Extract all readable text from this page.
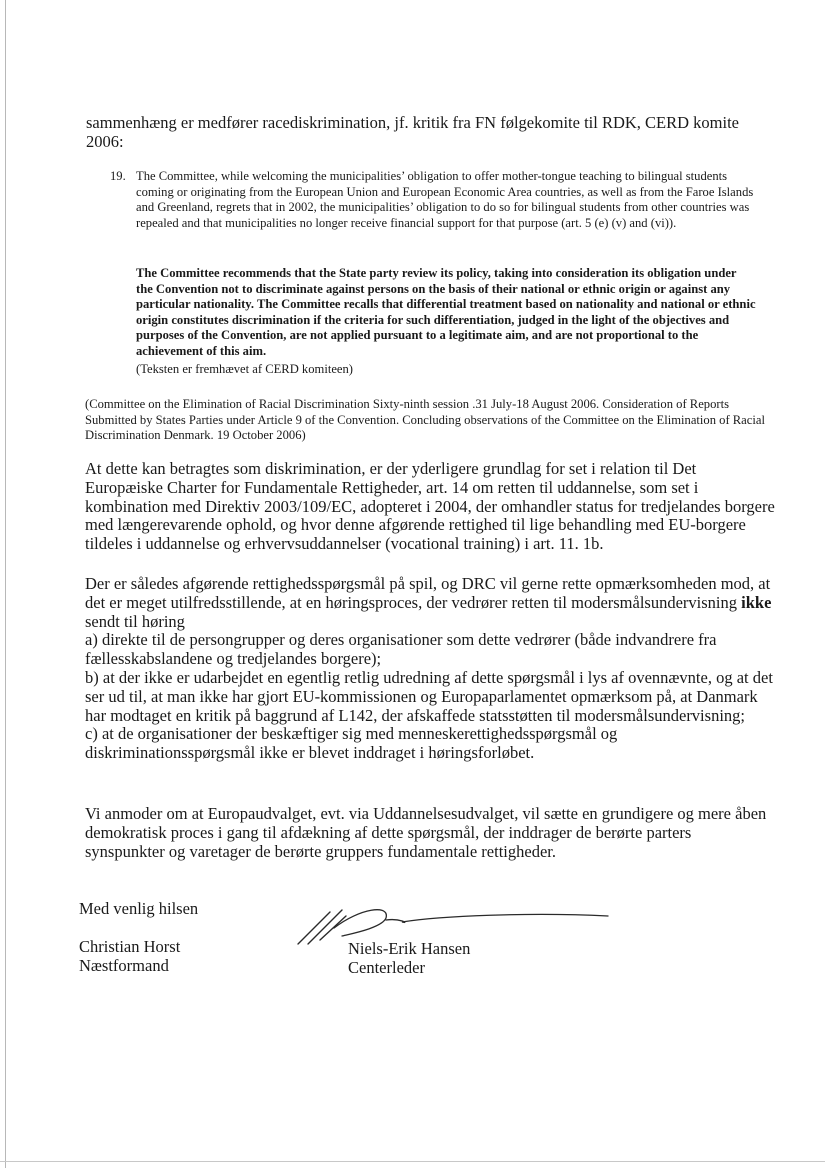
sammenhæng er medfører racediskrimination, jf. kritik fra FN følgekomite til RDK, CERD komite 2006:

19. The Committee, while welcoming the municipalities’ obligation to offer mother-tongue teaching to bilingual students coming or originating from the European Union and European Economic Area countries, as well as from the Faroe Islands and Greenland, regrets that in 2002, the municipalities’ obligation to do so for bilingual students from other countries was repealed and that municipalities no longer receive financial support for that purpose (art. 5 (e) (v) and (vi)).

The Committee recommends that the State party review its policy, taking into consideration its obligation under the Convention not to discriminate against persons on the basis of their national or ethnic origin or against any particular nationality. The Committee recalls that differential treatment based on nationality and national or ethnic origin constitutes discrimination if the criteria for such differentiation, judged in the light of the objectives and purposes of the Convention, are not applied pursuant to a legitimate aim, and are not proportional to the achievement of this aim.

(Teksten er fremhævet af CERD komiteen)

(Committee on the Elimination of Racial Discrimination Sixty-ninth session .31 July-18 August 2006. Consideration of Reports Submitted by States Parties under Article 9 of the Convention. Concluding observations of the Committee on the Elimination of Racial Discrimination Denmark. 19 October 2006)

At dette kan betragtes som diskrimination, er der yderligere grundlag for set i relation til Det Europæiske Charter for Fundamentale Rettigheder, art. 14 om retten til uddannelse, som set i kombination med Direktiv 2003/109/EC, adopteret i 2004, der omhandler status for tredjelandes borgere med længerevarende ophold, og hvor denne afgørende rettighed til lige behandling med EU-borgere tildeles i uddannelse og erhvervsuddannelser (vocational training) i art. 11. 1b.

Der er således afgørende rettighedsspørgsmål på spil, og DRC vil gerne rette opmærksomheden mod, at det er meget utilfredsstillende, at en høringsproces, der vedrører retten til modersmålsundervisning ikke sendt til høring
a) direkte til de persongrupper og deres organisationer som dette vedrører (både indvandrere fra fællesskabslandene og tredjelandes borgere);
b) at der ikke er udarbejdet en egentlig retlig udredning af dette spørgsmål i lys af ovennævnte, og at det ser ud til, at man ikke har gjort EU-kommissionen og Europaparlamentet opmærksom på, at Danmark har modtaget en kritik på baggrund af L142, der afskaffede statsstøtten til modersmålsundervisning;
c) at de organisationer der beskæftiger sig med menneskerettighedsspørgsmål og diskriminationsspørgsmål ikke er blevet inddraget i høringsforløbet.

Vi anmoder om at Europaudvalget, evt. via Uddannelsesudvalget, vil sætte en grundigere og mere åben demokratisk proces i gang til afdækning af dette spørgsmål, der inddrager de berørte parters synspunkter og varetager de berørte gruppers fundamentale rettigheder.

Med venlig hilsen

Christian Horst
Næstformand
Niels-Erik Hansen
Centerleder
